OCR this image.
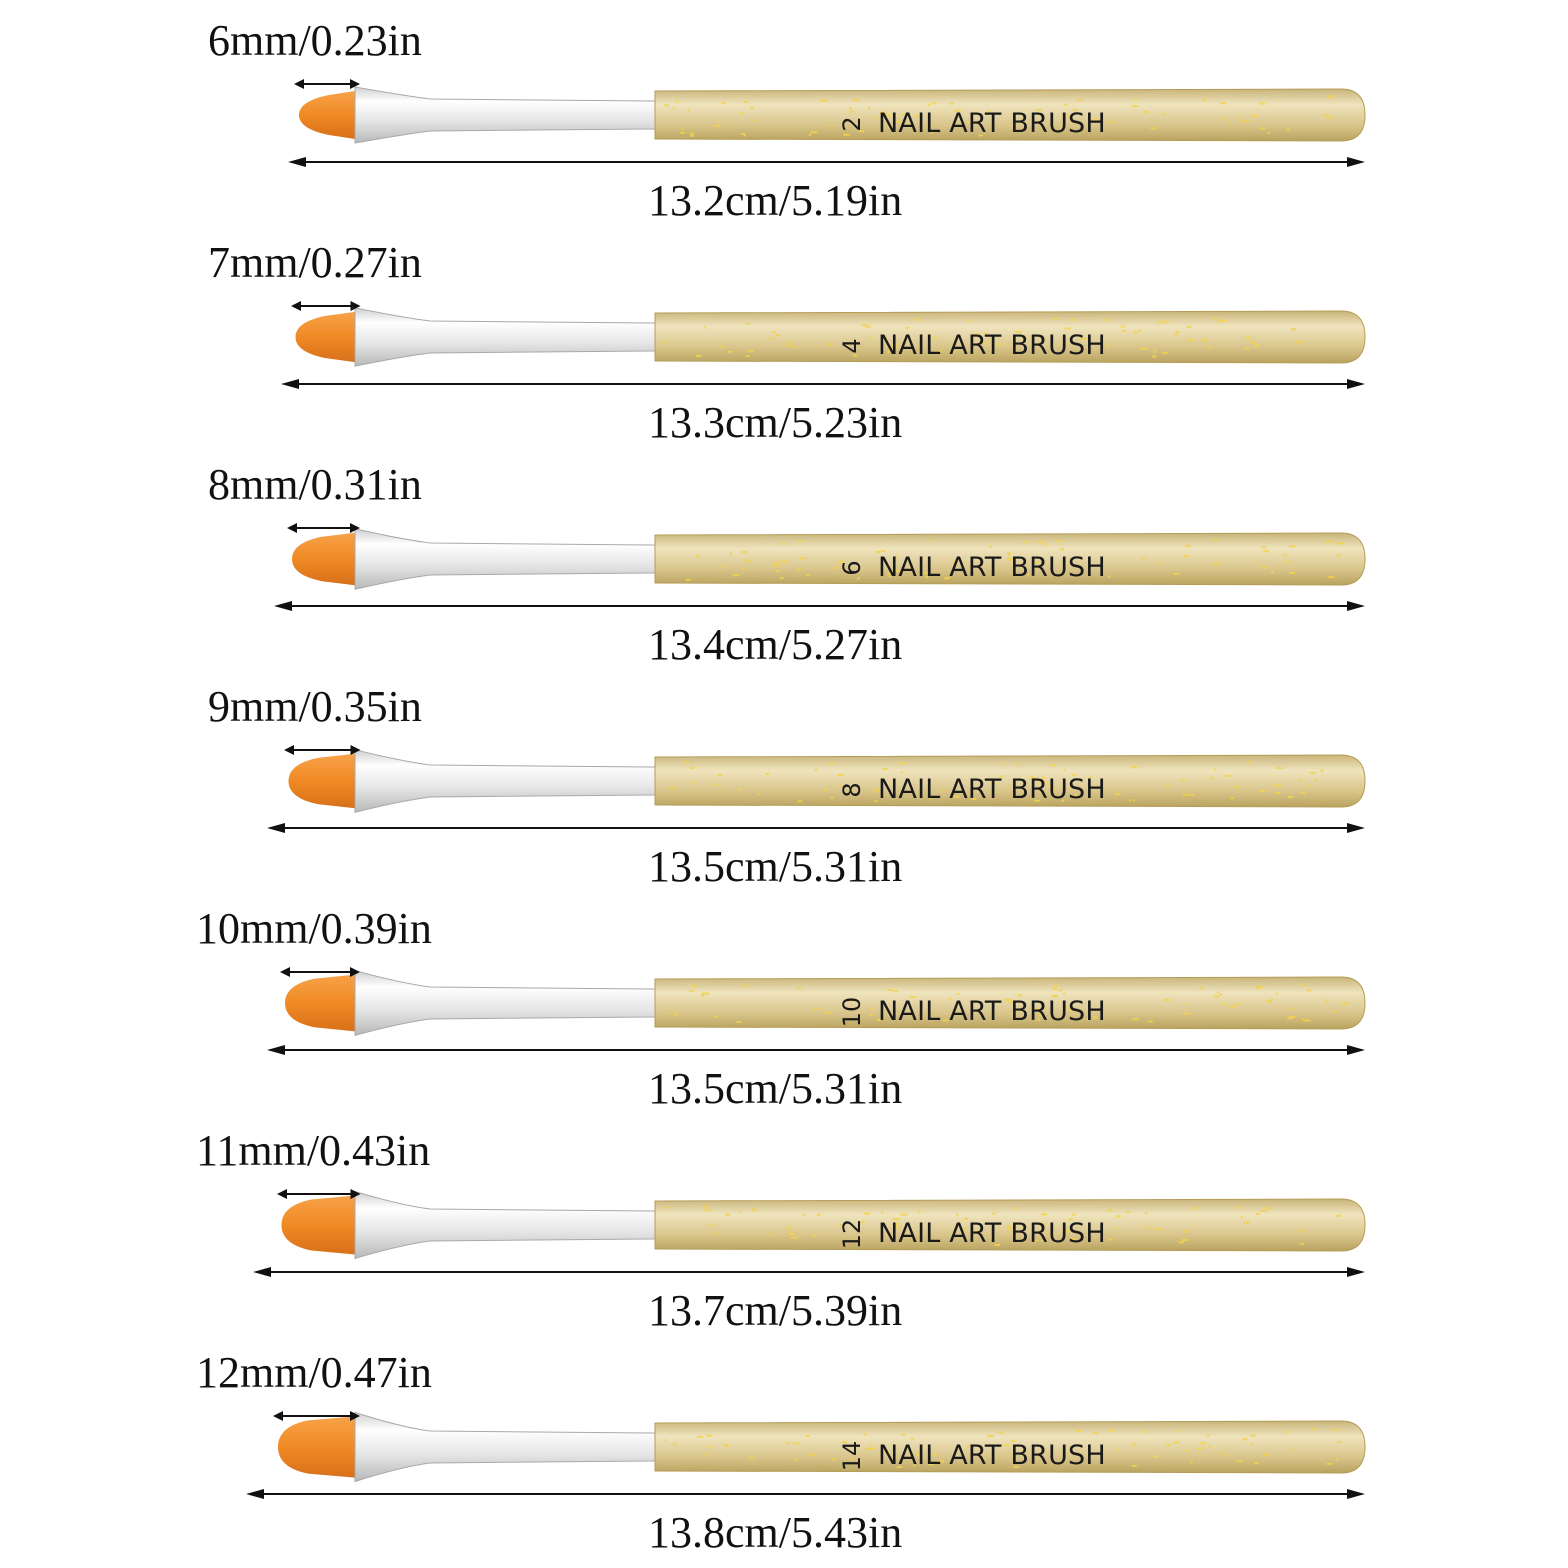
6mm/0.23in
2 NAIL ART BRUSH
13.2cm/5.19in
7mm/0.27in
4 NAIL ART BRUSH
13.3cm/5.23in
8mm/0.31in
6 NAIL ART BRUSH
13.4cm/5.27in
9mm/0.35in
8 NAIL ART BRUSH
13.5cm/5.31in
10mm/0.39in
10 NAIL ART BRUSH
13.5cm/5.31in
11mm/0.43in
12 NAIL ART BRUSH
13.7cm/5.39in
12mm/0.47in
14 NAIL ART BRUSH
13.8cm/5.43in
